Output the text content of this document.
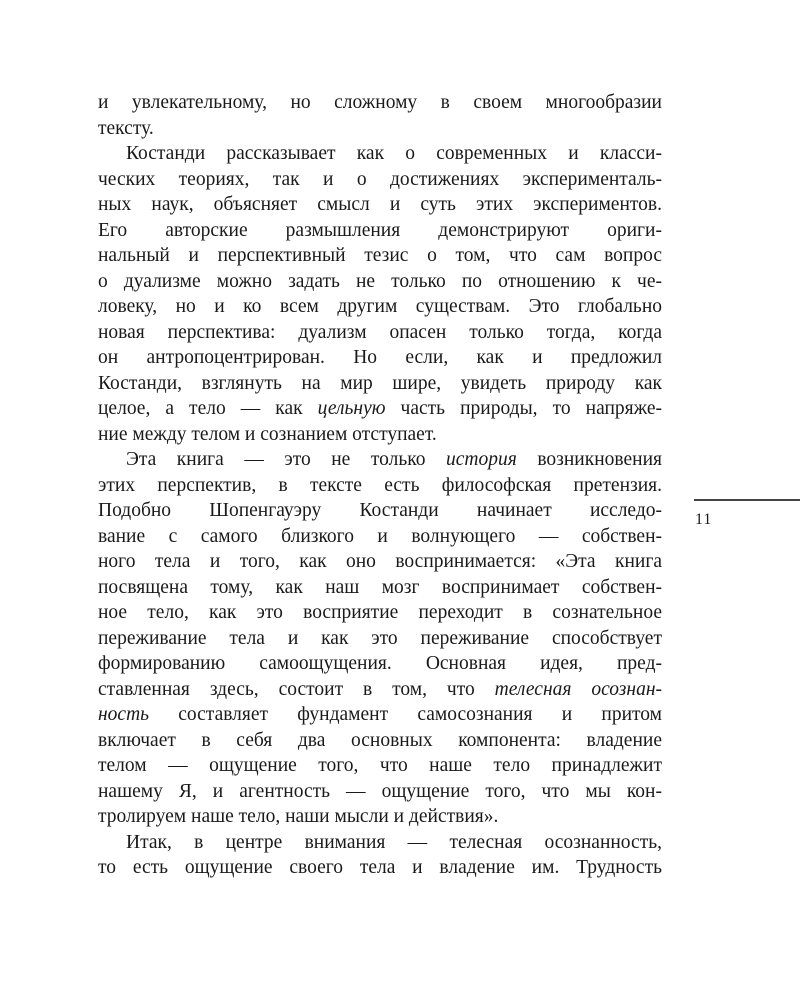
и увлекательному, но сложному в своем многообразии
тексту.
Костанди рассказывает как о современных и класси-
ческих теориях, так и о достижениях эксперименталь-
ных наук, объясняет смысл и суть этих экспериментов.
Его авторские размышления демонстрируют ориги-
нальный и перспективный тезис о том, что сам вопрос
о дуализме можно задать не только по отношению к че-
ловеку, но и ко всем другим существам. Это глобально
новая перспектива: дуализм опасен только тогда, когда
он антропоцентрирован. Но если, как и предложил
Костанди, взглянуть на мир шире, увидеть природу как
целое, а тело — как цельную часть природы, то напряже-
ние между телом и сознанием отступает.
Эта книга — это не только история возникновения
этих перспектив, в тексте есть философская претензия.
Подобно Шопенгауэру Костанди начинает исследо-
вание с самого близкого и волнующего — собствен-
ного тела и того, как оно воспринимается: «Эта книга
посвящена тому, как наш мозг воспринимает собствен-
ное тело, как это восприятие переходит в сознательное
переживание тела и как это переживание способствует
формированию самоощущения. Основная идея, пред-
ставленная здесь, состоит в том, что телесная осознан-
ность составляет фундамент самосознания и притом
включает в себя два основных компонента: владение
телом — ощущение того, что наше тело принадлежит
нашему Я, и агентность — ощущение того, что мы кон-
тролируем наше тело, наши мысли и действия».
Итак, в центре внимания — телесная осознанность,
то есть ощущение своего тела и владение им. Трудность
11
